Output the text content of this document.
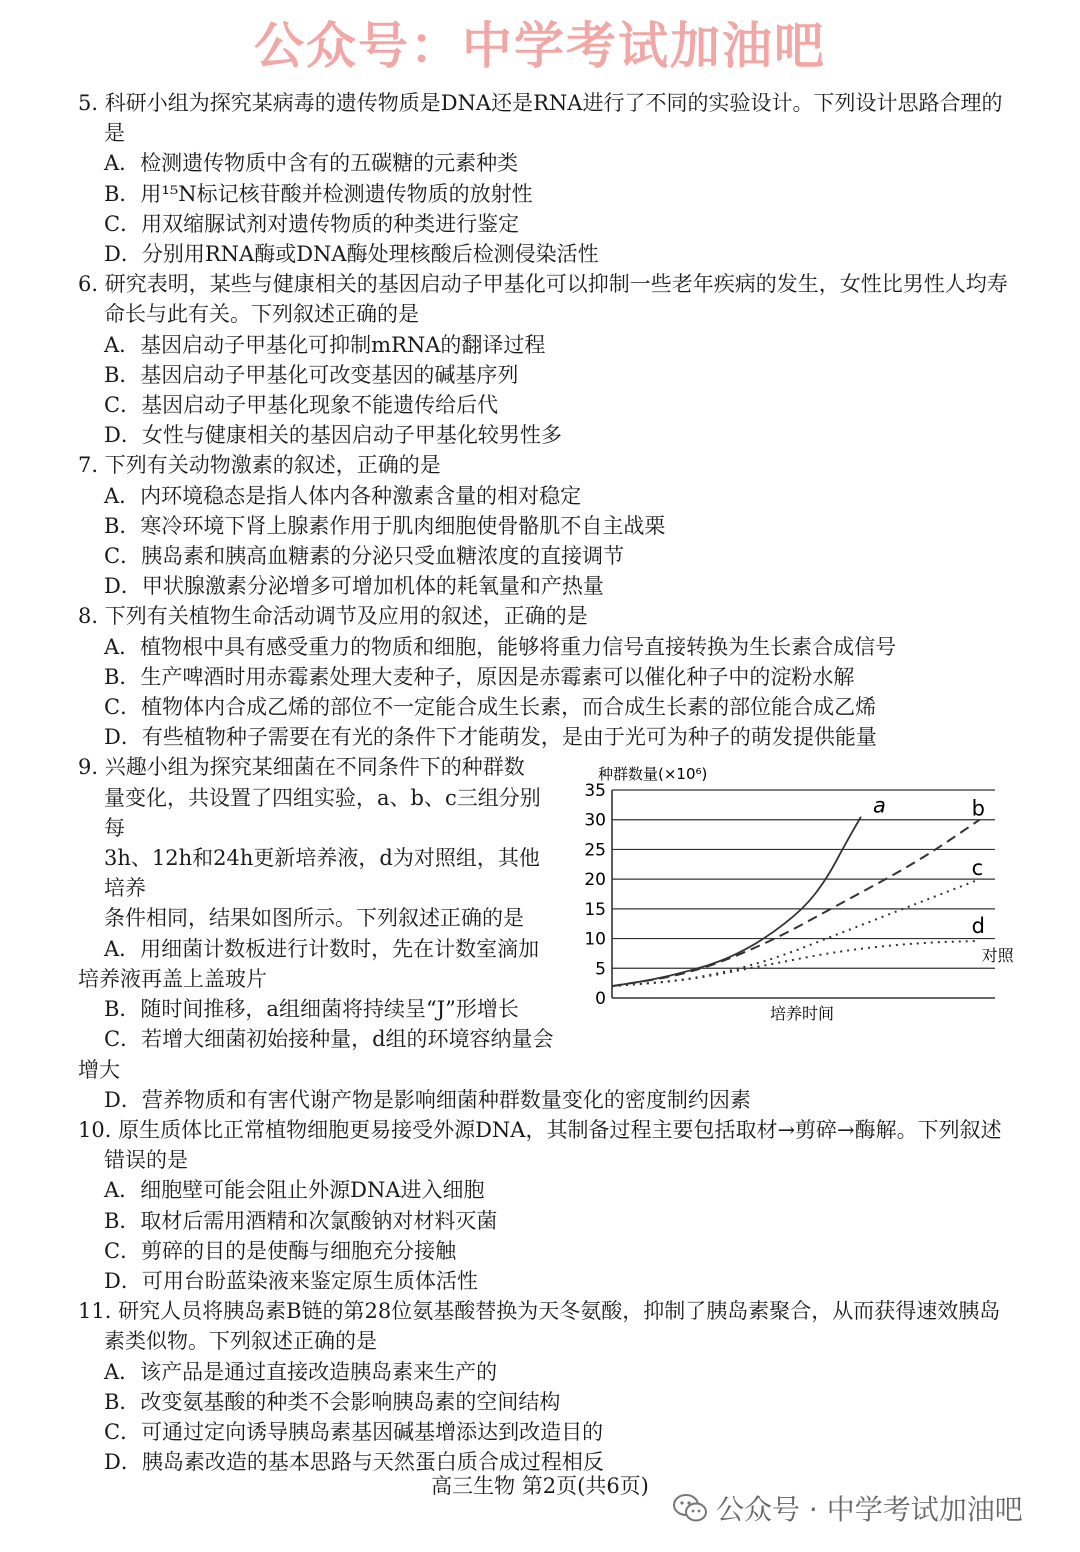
公众号：中学考试加油吧
5. 科研小组为探究某病毒的遗传物质是DNA还是RNA进行了不同的实验设计。下列设计思路合理的是
A．检测遗传物质中含有的五碳糖的元素种类
B．用¹⁵N标记核苷酸并检测遗传物质的放射性
C．用双缩脲试剂对遗传物质的种类进行鉴定
D．分别用RNA酶或DNA酶处理核酸后检测侵染活性
6. 研究表明，某些与健康相关的基因启动子甲基化可以抑制一些老年疾病的发生，女性比男性人均寿命长与此有关。下列叙述正确的是
A．基因启动子甲基化可抑制mRNA的翻译过程
B．基因启动子甲基化可改变基因的碱基序列
C．基因启动子甲基化现象不能遗传给后代
D．女性与健康相关的基因启动子甲基化较男性多
7. 下列有关动物激素的叙述，正确的是
A．内环境稳态是指人体内各种激素含量的相对稳定
B．寒冷环境下肾上腺素作用于肌肉细胞使骨骼肌不自主战栗
C．胰岛素和胰高血糖素的分泌只受血糖浓度的直接调节
D．甲状腺激素分泌增多可增加机体的耗氧量和产热量
8. 下列有关植物生命活动调节及应用的叙述，正确的是
A．植物根中具有感受重力的物质和细胞，能够将重力信号直接转换为生长素合成信号
B．生产啤酒时用赤霉素处理大麦种子，原因是赤霉素可以催化种子中的淀粉水解
C．植物体内合成乙烯的部位不一定能合成生长素，而合成生长素的部位能合成乙烯
D．有些植物种子需要在有光的条件下才能萌发，是由于光可为种子的萌发提供能量
9. 兴趣小组为探究某细菌在不同条件下的种群数
量变化，共设置了四组实验，a、b、c三组分别每
3h、12h和24h更新培养液，d为对照组，其他培养
条件相同，结果如图所示。下列叙述正确的是
A．用细菌计数板进行计数时，先在计数室滴加培养液再盖上盖玻片
B．随时间推移，a组细菌将持续呈“J”形增长
C．若增大细菌初始接种量，d组的环境容纳量会增大
D．营养物质和有害代谢产物是影响细菌种群数量变化的密度制约因素
10. 原生质体比正常植物细胞更易接受外源DNA，其制备过程主要包括取材→剪碎→酶解。下列叙述错误的是
A．细胞壁可能会阻止外源DNA进入细胞
B．取材后需用酒精和次氯酸钠对材料灭菌
C．剪碎的目的是使酶与细胞充分接触
D．可用台盼蓝染液来鉴定原生质体活性
11. 研究人员将胰岛素B链的第28位氨基酸替换为天冬氨酸，抑制了胰岛素聚合，从而获得速效胰岛素类似物。下列叙述正确的是
A．该产品是通过直接改造胰岛素来生产的
B．改变氨基酸的种类不会影响胰岛素的空间结构
C．可通过定向诱导胰岛素基因碱基增添达到改造目的
D．胰岛素改造的基本思路与天然蛋白质合成过程相反
种群数量(×10⁶)
培养时间
对照
0
5
10
15
20
25
30
35
a	b
c
d
高三生物 第2页(共6页)
公众号 · 中学考试加油吧
